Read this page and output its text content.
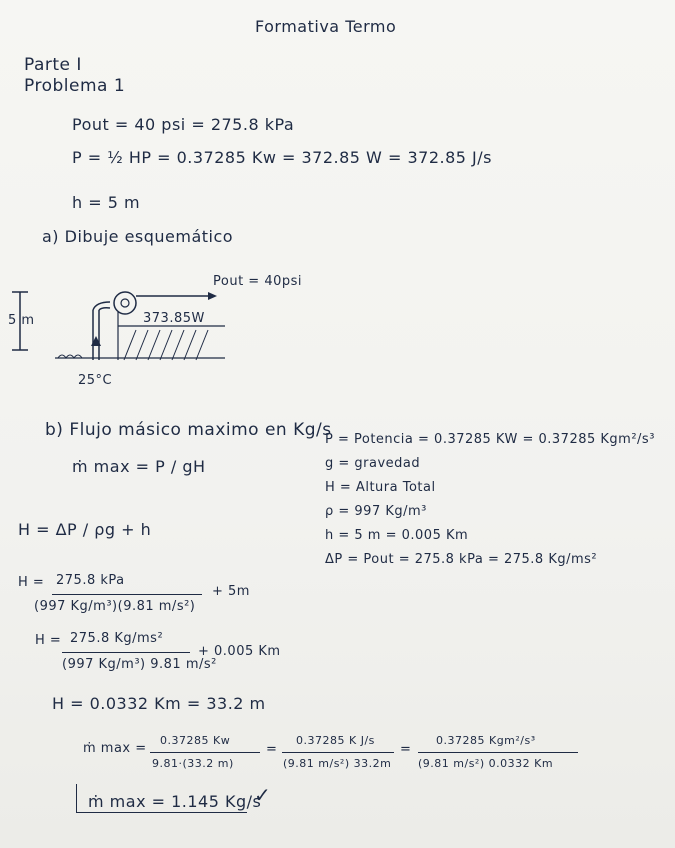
Formativa Termo
Parte I
Problema 1
Pout = 40 psi = 275.8 kPa
P = ½ HP = 0.37285 Kw = 372.85 W = 372.85 J/s
h = 5 m
a) Dibuje esquemático
Pout = 40psi
373.85W
5 m
25°C
b) Flujo másico maximo en Kg/s
ṁ max = P / gH
P = Potencia = 0.37285 KW = 0.37285 Kgm²/s³
g = gravedad
H = Altura Total
ρ = 997 Kg/m³
h = 5 m = 0.005 Km
ΔP = Pout = 275.8 kPa = 275.8 Kg/ms²
H = ΔP / ρg + h
H = 275.8 kPa
(997 Kg/m³)(9.81 m/s²)
+ 5m
H = 275.8 Kg/ms²
(997 Kg/m³) 9.81 m/s²
+ 0.005 Km
H = 0.0332 Km = 33.2 m
ṁ max =
0.37285 Kw
9.81·(33.2 m)
=
0.37285 K J/s
(9.81 m/s²) 33.2m
=
0.37285 Kgm²/s³
(9.81 m/s²) 0.0332 Km
ṁ max = 1.145 Kg/s
✓
